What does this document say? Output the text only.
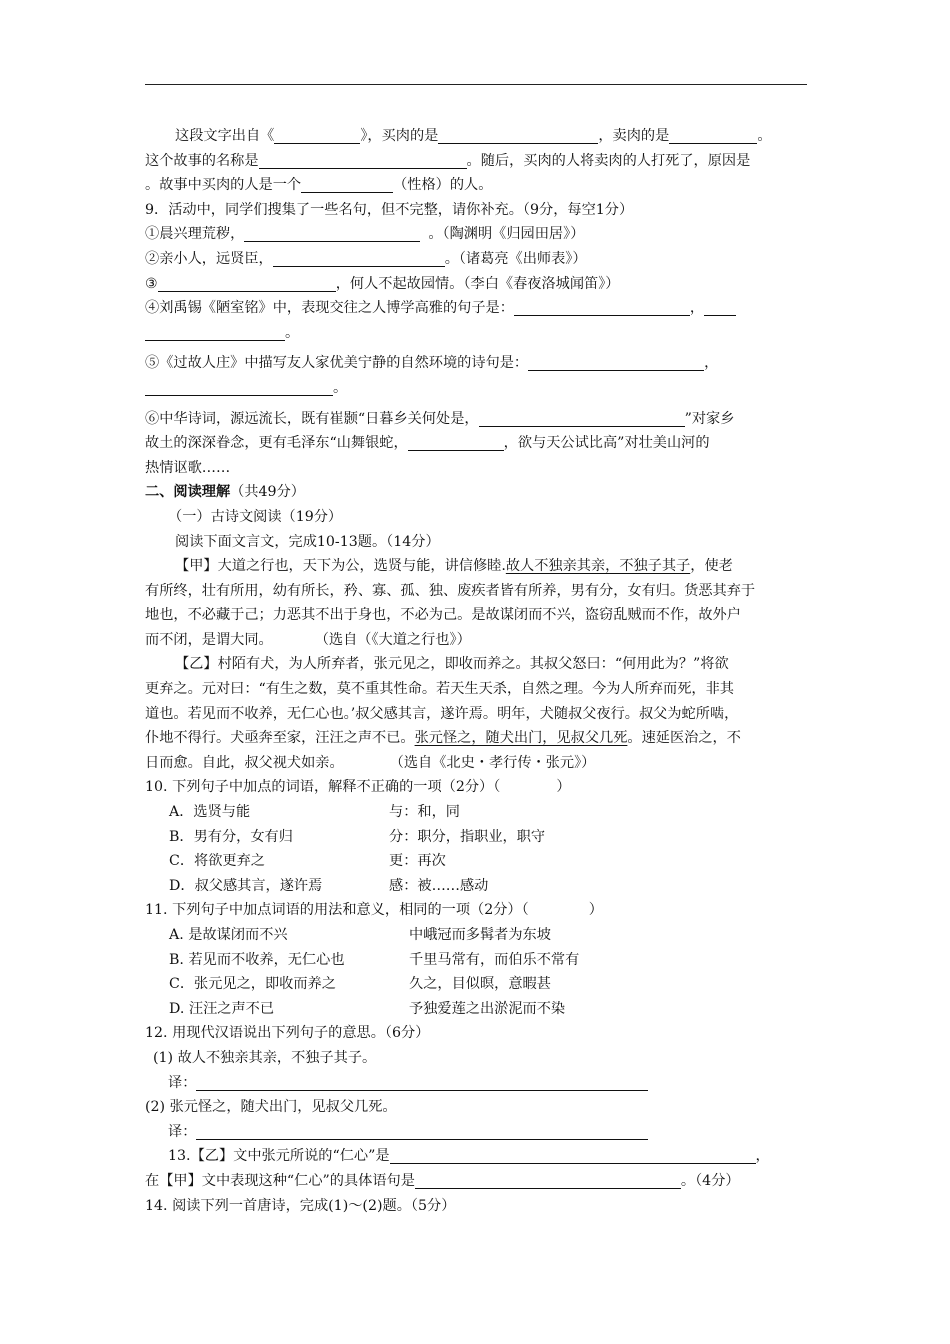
这段文字出自《	》，买肉的是	，卖肉的是	。
这个故事的名称是	。随后，买肉的人将卖肉的人打死了，原因是
。故事中买肉的人是一个	（性格）的人。
9．活动中，同学们搜集了一些名句，但不完整，请你补充。（9分，每空1分）
①晨兴理荒秽，	。（陶渊明《归园田居》）
②亲小人，远贤臣，	。（诸葛亮《出师表》）
③	，何人不起故园情。（李白《春夜洛城闻笛》）
④刘禹锡《陋室铭》中，表现交往之人博学高雅的句子是：	，
。
⑤《过故人庄》中描写友人家优美宁静的自然环境的诗句是：	，
。
⑥中华诗词，源远流长，既有崔颢“日暮乡关何处是，	”对家乡
故土的深深眷念，更有毛泽东“山舞银蛇，	，欲与天公试比高”对壮美山河的
热情讴歌……
二、阅读理解（共49分）
（一）古诗文阅读（19分）
阅读下面文言文，完成10-13题。（14分）
【甲】大道之行也，天下为公，选贤与能，讲信修睦.故人不独亲其亲，不独子其子，使老
有所终，壮有所用，幼有所长，矜、寡、孤、独、废疾者皆有所养，男有分，女有归。货恶其弃于
地也，不必藏于己；力恶其不出于身也，不必为己。是故谋闭而不兴，盗窃乱贼而不作，故外户
而不闭，是谓大同。	（选自（《大道之行也》）
【乙】村陌有犬，为人所弃者，张元见之，即收而养之。其叔父怒曰：“何用此为？”将欲
更弃之。元对曰：“有生之数，莫不重其性命。若天生天杀，自然之理。今为人所弃而死，非其
道也。若见而不收养，无仁心也。’叔父感其言，遂许焉。明年，犬随叔父夜行。叔父为蛇所啮，
仆地不得行。犬亟奔至家，汪汪之声不已。张元怪之，随犬出门，见叔父几死。速延医治之，不
日而愈。自此，叔父视犬如亲。	（选自《北史・孝行传・张元》）
10. 下列句子中加点的词语，解释不正确的一项（2分）（	）
A．选贤与能	与：和，同
B．男有分，女有归	分：职分，指职业，职守
C．将欲更弃之	更：再次
D．叔父感其言，遂许焉	感：被……感动
11. 下列句子中加点词语的用法和意义，相同的一项（2分）（	）
A. 是故谋闭而不兴	中峨冠而多髯者为东坡
B. 若见而不收养，无仁心也	千里马常有，而伯乐不常有
C．张元见之，即收而养之	久之，目似暝，意暇甚
D. 汪汪之声不已	予独爱莲之出淤泥而不染
12. 用现代汉语说出下列句子的意思。（6分）
(1) 故人不独亲其亲，不独子其子。
译：
(2) 张元怪之，随犬出门，见叔父几死。
译：
13.【乙】文中张元所说的“仁心”是	，
在【甲】文中表现这种“仁心”的具体语句是	。（4分）
14. 阅读下列一首唐诗，完成(1)～(2)题。（5分）
